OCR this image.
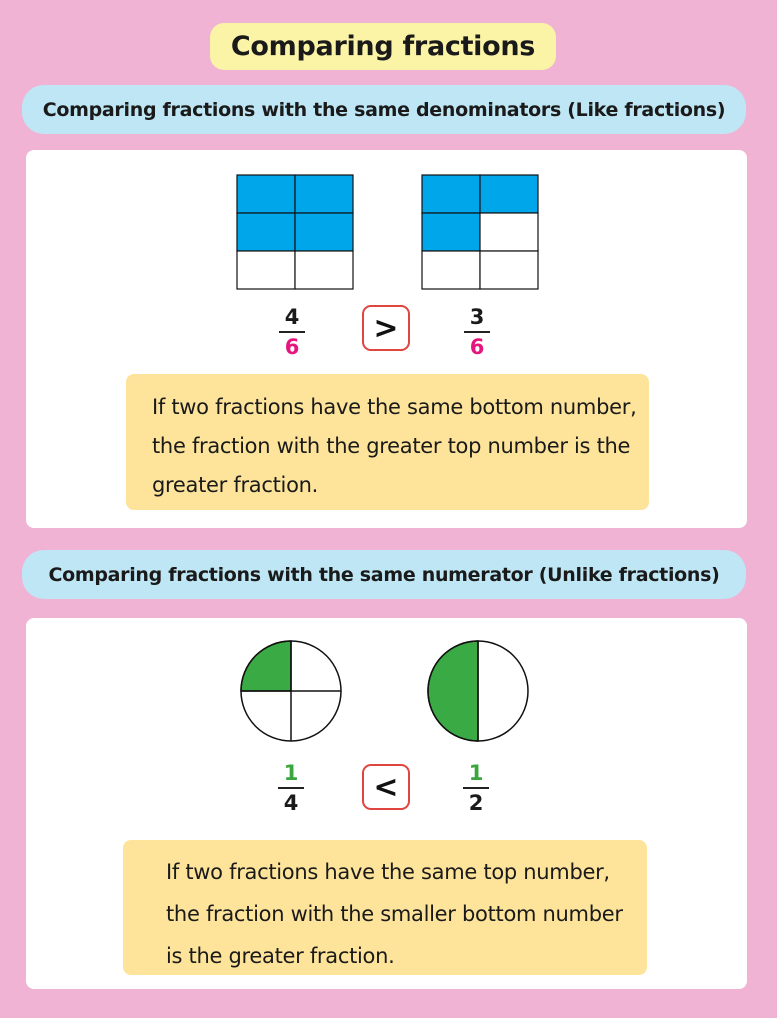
Comparing fractions
Comparing fractions with the same denominators (Like fractions)
4
6
>	3
6
If two fractions have the same bottom number,
the fraction with the greater top number is the
greater fraction.
Comparing fractions with the same numerator (Unlike fractions)
1
4	<	1
2
If two fractions have the same top number,
the fraction with the smaller bottom number
is the greater fraction.
